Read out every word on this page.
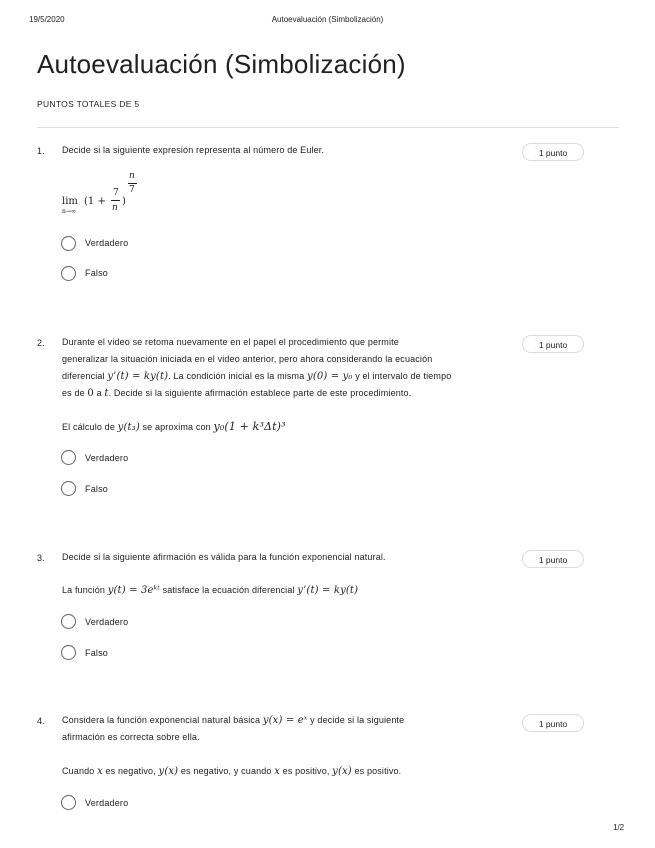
19/5/2020	Autoevaluación (Simbolización)
Autoevaluación (Simbolización)
PUNTOS TOTALES DE 5
1. Decide si la siguiente expresión representa al número de Euler.	1 punto
lim
n→∞
(1 +
7
n
)
n
7
Verdadero
Falso
2. Durante el video se retoma nuevamente en el papel el procedimiento que permite
generalizar la situación iniciada en el video anterior, pero ahora considerando la ecuación
diferencial y’(t) = ky(t). La condición inicial es la misma y(0) = y₀ y el intervalo de tiempo
es de 0 a t. Decide si la siguiente afirmación establece parte de este procedimiento.
1 punto
El cálculo de y(t₃) se aproxima con y₀(1 + k³Δt)³
Verdadero
Falso
3. Decide si la siguiente afirmación es válida para la función exponencial natural.	1 punto
La función y(t) = 3eᵏᵗ satisface la ecuación diferencial y’(t) = ky(t)
Verdadero
Falso
4. Considera la función exponencial natural básica y(x) = eˣ y decide si la siguiente
afirmación es correcta sobre ella.
1 punto
Cuando x es negativo, y(x) es negativo, y cuando x es positivo, y(x) es positivo.
Verdadero
1/2
